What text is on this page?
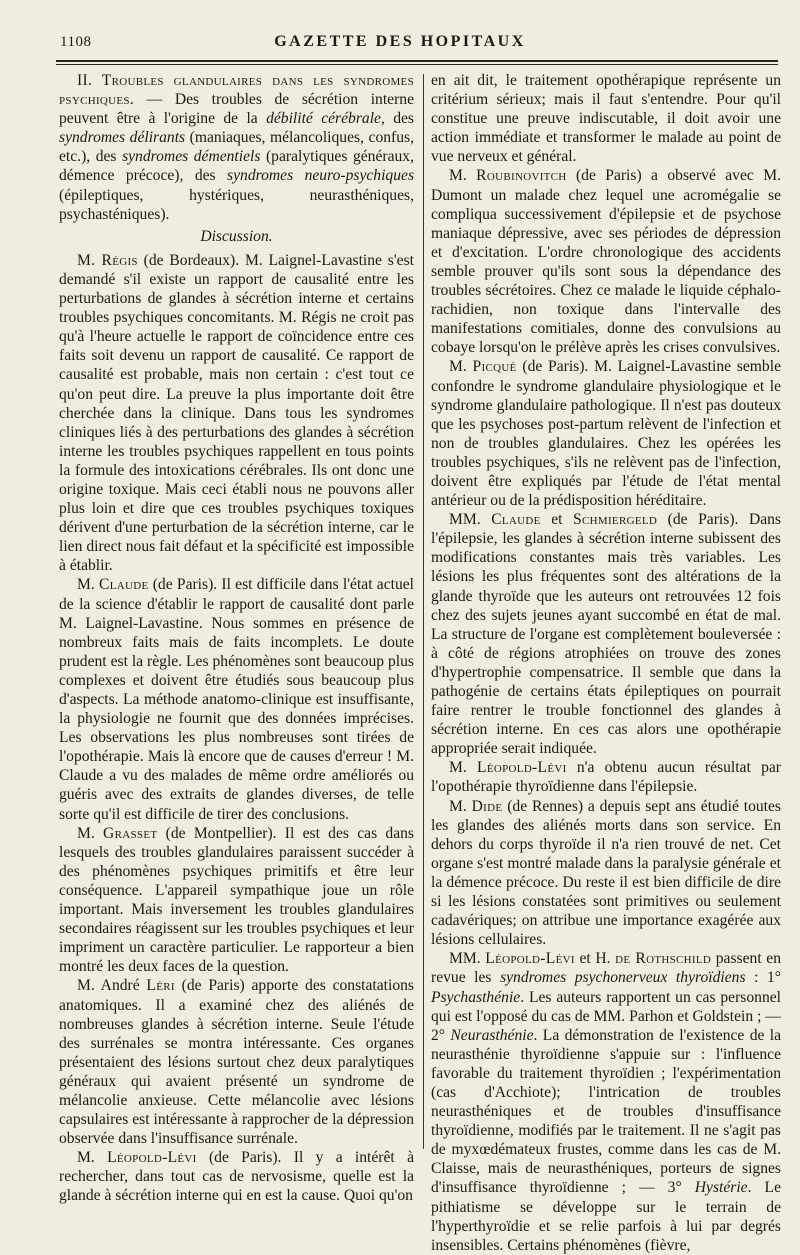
1108	GAZETTE DES HOPITAUX

II. Troubles glandulaires dans les syndromes psychiques. — Des troubles de sécrétion interne peuvent être à l'origine de la débilité cérébrale, des syndromes délirants (maniaques, mélancoliques, confus, etc.), des syndromes démentiels (paralytiques généraux, démence précoce), des syndromes neuro-psychiques (épileptiques, hystériques, neurasthéniques, psychasténiques).

Discussion.

M. Régis (de Bordeaux). M. Laignel-Lavastine s'est demandé s'il existe un rapport de causalité entre les perturbations de glandes à sécrétion interne et certains troubles psychiques concomitants. M. Régis ne croit pas qu'à l'heure actuelle le rapport de coïncidence entre ces faits soit devenu un rapport de causalité. Ce rapport de causalité est probable, mais non certain : c'est tout ce qu'on peut dire. La preuve la plus importante doit être cherchée dans la clinique. Dans tous les syndromes cliniques liés à des perturbations des glandes à sécrétion interne les troubles psychiques rappellent en tous points la formule des intoxications cérébrales. Ils ont donc une origine toxique. Mais ceci établi nous ne pouvons aller plus loin et dire que ces troubles psychiques toxiques dérivent d'une perturbation de la sécrétion interne, car le lien direct nous fait défaut et la spécificité est impossible à établir.

M. Claude (de Paris). Il est difficile dans l'état actuel de la science d'établir le rapport de causalité dont parle M. Laignel-Lavastine. Nous sommes en présence de nombreux faits mais de faits incomplets. Le doute prudent est la règle. Les phénomènes sont beaucoup plus complexes et doivent être étudiés sous beaucoup plus d'aspects. La méthode anatomo-clinique est insuffisante, la physiologie ne fournit que des données imprécises. Les observations les plus nombreuses sont tirées de l'opothérapie. Mais là encore que de causes d'erreur ! M. Claude a vu des malades de même ordre améliorés ou guéris avec des extraits de glandes diverses, de telle sorte qu'il est difficile de tirer des conclusions.

M. Grasset (de Montpellier). Il est des cas dans lesquels des troubles glandulaires paraissent succéder à des phénomènes psychiques primitifs et être leur conséquence. L'appareil sympathique joue un rôle important. Mais inversement les troubles glandulaires secondaires réagissent sur les troubles psychiques et leur impriment un caractère particulier. Le rapporteur a bien montré les deux faces de la question.

M. André Léri (de Paris) apporte des constatations anatomiques. Il a examiné chez des aliénés de nombreuses glandes à sécrétion interne. Seule l'étude des surrénales se montra intéressante. Ces organes présentaient des lésions surtout chez deux paralytiques généraux qui avaient présenté un syndrome de mélancolie anxieuse. Cette mélancolie avec lésions capsulaires est intéressante à rapprocher de la dépression observée dans l'insuffisance surrénale.

M. Léopold-Lévi (de Paris). Il y a intérêt à rechercher, dans tout cas de nervosisme, quelle est la glande à sécrétion interne qui en est la cause. Quoi qu'on

en ait dit, le traitement opothérapique représente un critérium sérieux; mais il faut s'entendre. Pour qu'il constitue une preuve indiscutable, il doit avoir une action immédiate et transformer le malade au point de vue nerveux et général.

M. Roubinovitch (de Paris) a observé avec M. Dumont un malade chez lequel une acromégalie se compliqua successivement d'épilepsie et de psychose maniaque dépressive, avec ses périodes de dépression et d'excitation. L'ordre chronologique des accidents semble prouver qu'ils sont sous la dépendance des troubles sécrétoires. Chez ce malade le liquide céphalo-rachidien, non toxique dans l'intervalle des manifestations comitiales, donne des convulsions au cobaye lorsqu'on le prélève après les crises convulsives.

M. Picqué (de Paris). M. Laignel-Lavastine semble confondre le syndrome glandulaire physiologique et le syndrome glandulaire pathologique. Il n'est pas douteux que les psychoses post-partum relèvent de l'infection et non de troubles glandulaires. Chez les opérées les troubles psychiques, s'ils ne relèvent pas de l'infection, doivent être expliqués par l'étude de l'état mental antérieur ou de la prédisposition héréditaire.

MM. Claude et Schmiergeld (de Paris). Dans l'épilepsie, les glandes à sécrétion interne subissent des modifications constantes mais très variables. Les lésions les plus fréquentes sont des altérations de la glande thyroïde que les auteurs ont retrouvées 12 fois chez des sujets jeunes ayant succombé en état de mal. La structure de l'organe est complètement bouleversée : à côté de régions atrophiées on trouve des zones d'hypertrophie compensatrice. Il semble que dans la pathogénie de certains états épileptiques on pourrait faire rentrer le trouble fonctionnel des glandes à sécrétion interne. En ces cas alors une opothérapie appropriée serait indiquée.

M. Léopold-Lévi n'a obtenu aucun résultat par l'opothérapie thyroïdienne dans l'épilepsie.

M. Dide (de Rennes) a depuis sept ans étudié toutes les glandes des aliénés morts dans son service. En dehors du corps thyroïde il n'a rien trouvé de net. Cet organe s'est montré malade dans la paralysie générale et la démence précoce. Du reste il est bien difficile de dire si les lésions constatées sont primitives ou seulement cadavériques; on attribue une importance exagérée aux lésions cellulaires.

MM. Léopold-Lévi et H. de Rothschild passent en revue les syndromes psychonerveux thyroïdiens : 1° Psychasthénie. Les auteurs rapportent un cas personnel qui est l'opposé du cas de MM. Parhon et Goldstein ; — 2° Neurasthénie. La démonstration de l'existence de la neurasthénie thyroïdienne s'appuie sur : l'influence favorable du traitement thyroïdien ; l'expérimentation (cas d'Acchiote); l'intrication de troubles neurasthéniques et de troubles d'insuffisance thyroïdienne, modifiés par le traitement. Il ne s'agit pas de myxœdémateux frustes, comme dans les cas de M. Claisse, mais de neurasthéniques, porteurs de signes d'insuffisance thyroïdienne ; — 3° Hystérie. Le pithiatisme se développe sur le terrain de l'hyperthyroïdie et se relie parfois à lui par degrés insensibles. Certains phénomènes (fièvre,
